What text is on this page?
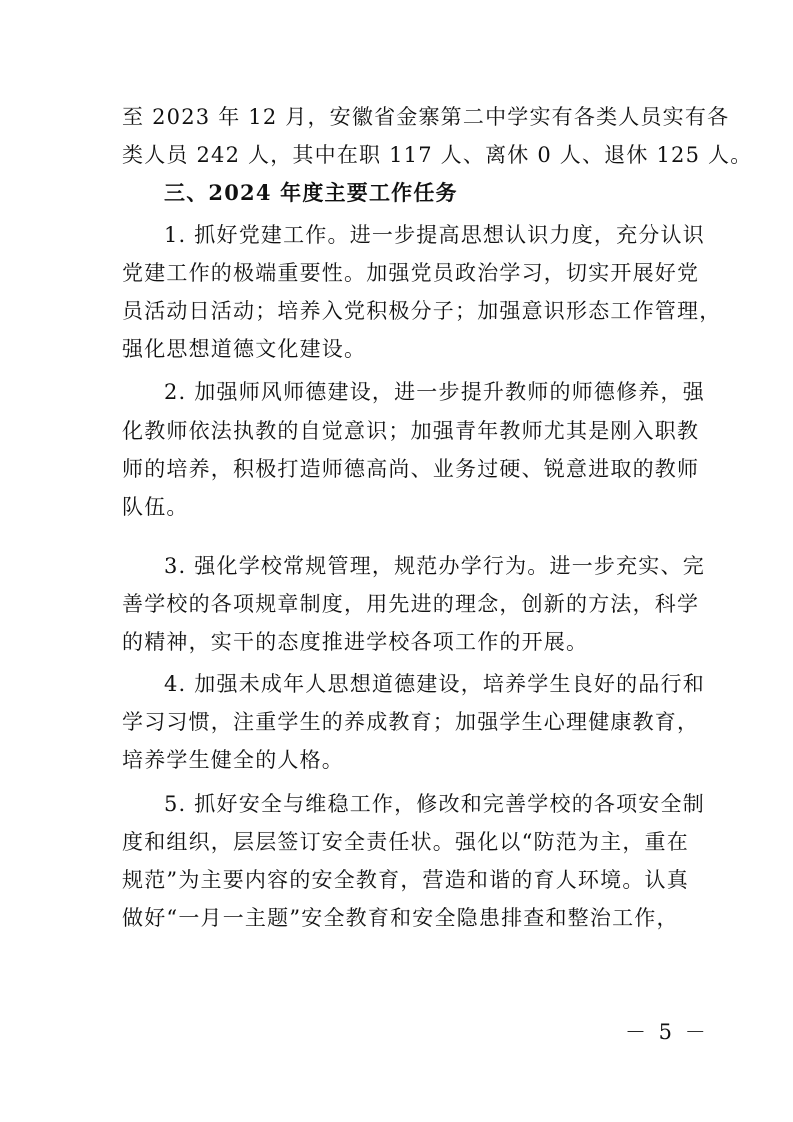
至 2023 年 12 月，安徽省金寨第二中学实有各类人员实有各
类人员 242 人，其中在职 117 人、离休 0 人、退休 125 人。
三、2024 年度主要工作任务
1. 抓好党建工作。进一步提高思想认识力度，充分认识
党建工作的极端重要性。加强党员政治学习，切实开展好党
员活动日活动；培养入党积极分子；加强意识形态工作管理，
强化思想道德文化建设。
2. 加强师风师德建设，进一步提升教师的师德修养，强
化教师依法执教的自觉意识；加强青年教师尤其是刚入职教
师的培养，积极打造师德高尚、业务过硬、锐意进取的教师
队伍。
3. 强化学校常规管理，规范办学行为。进一步充实、完
善学校的各项规章制度，用先进的理念，创新的方法，科学
的精神，实干的态度推进学校各项工作的开展。
4. 加强未成年人思想道德建设，培养学生良好的品行和
学习习惯，注重学生的养成教育；加强学生心理健康教育，
培养学生健全的人格。
5. 抓好安全与维稳工作，修改和完善学校的各项安全制
度和组织，层层签订安全责任状。强化以“防范为主，重在
规范”为主要内容的安全教育，营造和谐的育人环境。认真
做好“一月一主题”安全教育和安全隐患排查和整治工作，
－ 5 －
